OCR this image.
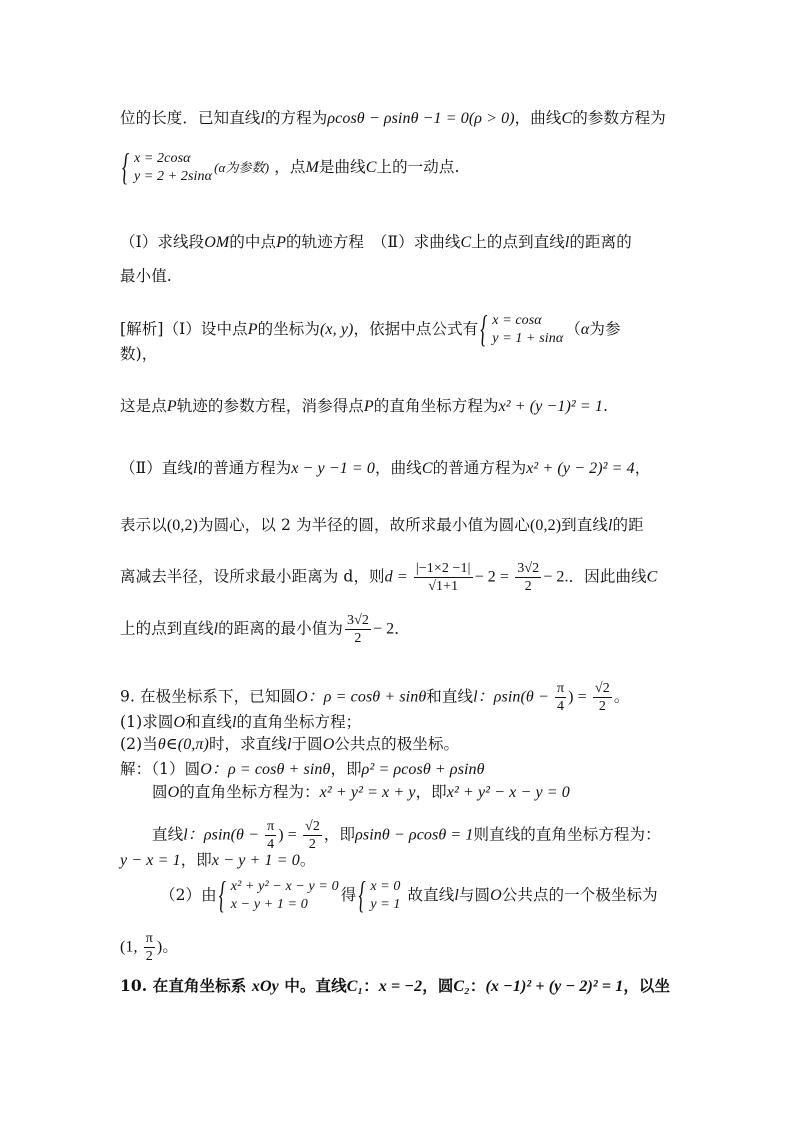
位的长度．已知直线l的方程为ρcosθ − ρsinθ −1 = 0(ρ > 0)，曲线C的参数方程为
{ x = 2cosα
y = 2 + 2sinα
(α为参数) ，点M是曲线C上的一动点.
（Ⅰ）求线段OM的中点P的轨迹方程　（Ⅱ）求曲线C上的点到直线l的距离的
最小值.
[解析]（Ⅰ）设中点P的坐标为(x, y)，依据中点公式有 { x = cosα
y = 1 + sinα
（α为参
数)，
这是点P轨迹的参数方程，消参得点P的直角坐标方程为x² + (y −1)² = 1.
（Ⅱ）直线l的普通方程为x − y −1 = 0，曲线C的普通方程为x² + (y − 2)² = 4，
表示以(0,2)为圆心，以 2 为半径的圆，故所求最小值为圆心(0,2)到直线l的距
离减去半径，设所求最小距离为 d，则$d = \frac{|-1\times 2 -1|}{√1+1} - 2 = \frac{3√2}{2} - 2$.．因此曲线C
上的点到直线l的距离的最小值为 $\frac{3√2}{2} - 2$．
9. 在极坐标系下，已知圆O：ρ = cosθ + sinθ和直线l：$\rho\sin(\theta - \frac{\pi}{4}$ ) = $\frac{√2}{2}$ 。
(1)求圆O和直线l的直角坐标方程；
(2)当θ∈(0,π)时，求直线l于圆O公共点的极坐标。
解：（1）圆O：ρ = cosθ + sinθ，即ρ² = ρcosθ + ρsinθ
圆O的直角坐标方程为：x² + y² = x + y，即x² + y² − x − y = 0
直线l：$\rho\sin(\theta - \frac{\pi}{4}$ ) = $\frac{√2}{2}$ ，即ρsinθ − ρcosθ = 1则直线的直角坐标方程为：
y − x = 1，即x − y + 1 = 0。
（2）由 { x² + y² − x − y = 0
x − y + 1 = 0
得 { x = 0
y = 1
故直线l与圆O公共点的一个极坐标为
(1, $\frac{\pi}{2}$ )。
10. 在直角坐标系 xOy 中。直线C₁：x = −2，圆C₂：(x −1)² + (y − 2)² = 1，以坐
